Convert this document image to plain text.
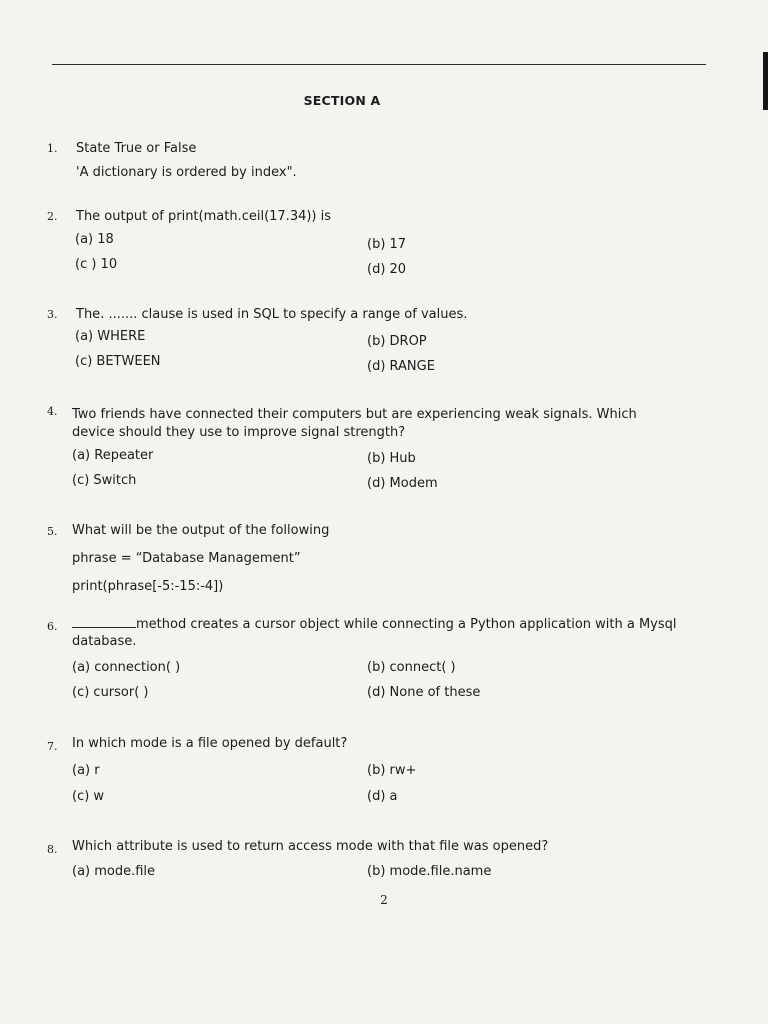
SECTION A
1. State True or False
'A dictionary is ordered by index".
2. The output of print(math.ceil(17.34)) is
(a) 18	(b) 17
(c ) 10	(d) 20
3. The. ....... clause is used in SQL to specify a range of values.
(a) WHERE	(b) DROP
(c) BETWEEN	(d) RANGE
4. Two friends have connected their computers but are experiencing weak signals. Which
device should they use to improve signal strength?
(a) Repeater	(b) Hub
(c) Switch	(d) Modem
5. What will be the output of the following
phrase = “Database Management”
print(phrase[-5:-15:-4])
6.	method creates a cursor object while connecting a Python application with a Mysql
database.
(a) connection( )	(b) connect( )
(c) cursor( )	(d) None of these
7. In which mode is a file opened by default?
(a) r	(b) rw+
(c) w	(d) a
8. Which attribute is used to return access mode with that file was opened?
(a) mode.file	(b) mode.file.name
2
